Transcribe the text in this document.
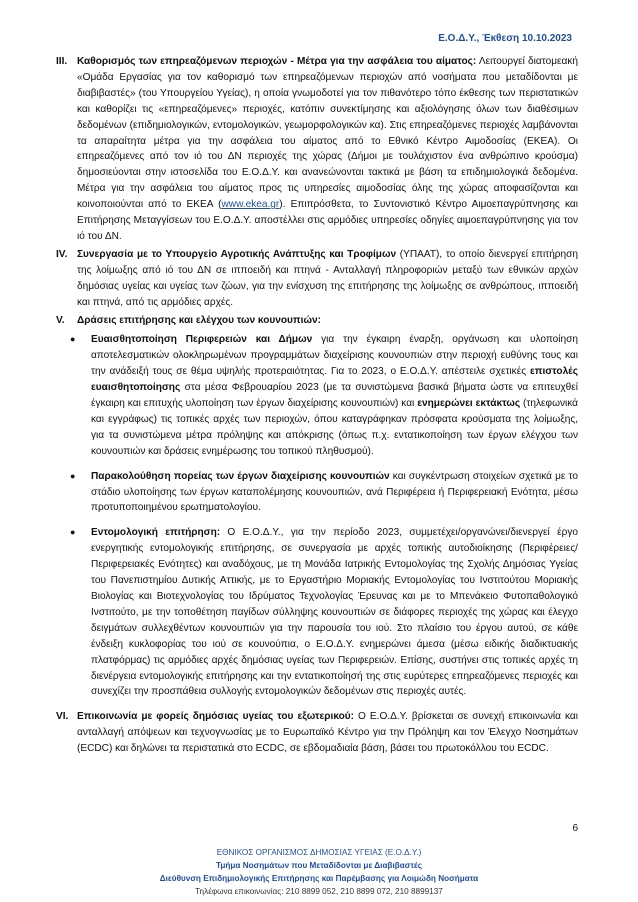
Ε.Ο.Δ.Υ., Έκθεση 10.10.2023
III. Καθορισμός των επηρεαζόμενων περιοχών - Μέτρα για την ασφάλεια του αίματος: Λειτουργεί διατομεακή «Ομάδα Εργασίας για τον καθορισμό των επηρεαζόμενων περιοχών από νοσήματα που μεταδίδονται με διαβιβαστές» (του Υπουργείου Υγείας), η οποία γνωμοδοτεί για τον πιθανότερο τόπο έκθεσης των περιστατικών και καθορίζει τις «επηρεαζόμενες» περιοχές, κατόπιν συνεκτίμησης και αξιολόγησης όλων των διαθέσιμων δεδομένων (επιδημιολογικών, εντομολογικών, γεωμορφολογικών κα). Στις επηρεαζόμενες περιοχές λαμβάνονται τα απαραίτητα μέτρα για την ασφάλεια του αίματος από το Εθνικό Κέντρο Αιμοδοσίας (ΕΚΕΑ). Οι επηρεαζόμενες από τον ιό του ΔΝ περιοχές της χώρας (Δήμοι με τουλάχιστον ένα ανθρώπινο κρούσμα) δημοσιεύονται στην ιστοσελίδα του Ε.Ο.Δ.Υ. και ανανεώνονται τακτικά με βάση τα επιδημιολογικά δεδομένα. Μέτρα για την ασφάλεια του αίματος προς τις υπηρεσίες αιμοδοσίας όλης της χώρας αποφασίζονται και κοινοποιούνται από το ΕΚΕΑ (www.ekea.gr). Επιπρόσθετα, το Συντονιστικό Κέντρο Αιμοεπαγρύπνησης και Επιτήρησης Μεταγγίσεων του Ε.Ο.Δ.Υ. αποστέλλει στις αρμόδιες υπηρεσίες οδηγίες αιμοεπαγρύπνησης για τον ιό του ΔΝ.

IV. Συνεργασία με το Υπουργείο Αγροτικής Ανάπτυξης και Τροφίμων (ΥΠΑΑΤ), το οποίο διενεργεί επιτήρηση της λοίμωξης από ιό του ΔΝ σε ιπποειδή και πτηνά - Ανταλλαγή πληροφοριών μεταξύ των εθνικών αρχών δημόσιας υγείας και υγείας των ζώων, για την ενίσχυση της επιτήρησης της λοίμωξης σε ανθρώπους, ιπποειδή και πτηνά, από τις αρμόδιες αρχές.

V. Δράσεις επιτήρησης και ελέγχου των κουνουπιών:

● Ευαισθητοποίηση Περιφερειών και Δήμων για την έγκαιρη έναρξη, οργάνωση και υλοποίηση αποτελεσματικών ολοκληρωμένων προγραμμάτων διαχείρισης κουνουπιών στην περιοχή ευθύνης τους και την ανάδειξή τους σε θέμα υψηλής προτεραιότητας. Για το 2023, ο Ε.Ο.Δ.Υ. απέστειλε σχετικές επιστολές ευαισθητοποίησης στα μέσα Φεβρουαρίου 2023 (με τα συνιστώμενα βασικά βήματα ώστε να επιτευχθεί έγκαιρη και επιτυχής υλοποίηση των έργων διαχείρισης κουνουπιών) και ενημερώνει εκτάκτως (τηλεφωνικά και εγγράφως) τις τοπικές αρχές των περιοχών, όπου καταγράφηκαν πρόσφατα κρούσματα της λοίμωξης, για τα συνιστώμενα μέτρα πρόληψης και απόκρισης (όπως π.χ. εντατικοποίηση των έργων ελέγχου των κουνουπιών και δράσεις ενημέρωσης του τοπικού πληθυσμού).
● Παρακολούθηση πορείας των έργων διαχείρισης κουνουπιών και συγκέντρωση στοιχείων σχετικά με το στάδιο υλοποίησης των έργων καταπολέμησης κουνουπιών, ανά Περιφέρεια ή Περιφερειακή Ενότητα, μέσω προτυποποιημένου ερωτηματολογίου.
● Εντομολογική επιτήρηση: Ο Ε.Ο.Δ.Υ., για την περίοδο 2023, συμμετέχει/οργανώνει/διενεργεί έργο ενεργητικής εντομολογικής επιτήρησης, σε συνεργασία με αρχές τοπικής αυτοδιοίκησης (Περιφέρειες/ Περιφερειακές Ενότητες) και αναδόχους, με τη Μονάδα Ιατρικής Εντομολογίας της Σχολής Δημόσιας Υγείας του Πανεπιστημίου Δυτικής Αττικής, με το Εργαστήριο Μοριακής Εντομολογίας του Ινστιτούτου Μοριακής Βιολογίας και Βιοτεχνολογίας του Ιδρύματος Τεχνολογίας Έρευνας και με το Μπενάκειο Φυτοπαθολογικό Ινστιτούτο, με την τοποθέτηση παγίδων σύλληψης κουνουπιών σε διάφορες περιοχές της χώρας και έλεγχο δειγμάτων συλλεχθέντων κουνουπιών για την παρουσία του ιού. Στο πλαίσιο του έργου αυτού, σε κάθε ένδειξη κυκλοφορίας του ιού σε κουνούπια, ο Ε.Ο.Δ.Υ. ενημερώνει άμεσα (μέσω ειδικής διαδικτυακής πλατφόρμας) τις αρμόδιες αρχές δημόσιας υγείας των Περιφερειών. Επίσης, συστήνει στις τοπικές αρχές τη διενέργεια εντομολογικής επιτήρησης και την εντατικοποίησή της στις ευρύτερες επηρεαζόμενες περιοχές και συνεχίζει την προσπάθεια συλλογής εντομολογικών δεδομένων στις περιοχές αυτές.
VI. Επικοινωνία με φορείς δημόσιας υγείας του εξωτερικού: Ο Ε.Ο.Δ.Υ. βρίσκεται σε συνεχή επικοινωνία και ανταλλαγή απόψεων και τεχνογνωσίας με το Ευρωπαϊκό Κέντρο για την Πρόληψη και τον Έλεγχο Νοσημάτων (ECDC) και δηλώνει τα περιστατικά στο ECDC, σε εβδομαδιαία βάση, βάσει του πρωτοκόλλου του ECDC.

6
ΕΘΝΙΚΟΣ ΟΡΓΑΝΙΣΜΟΣ ΔΗΜΟΣΙΑΣ ΥΓΕΙΑΣ (Ε.Ο.Δ.Υ.)
Τμήμα Νοσημάτων που Μεταδίδονται με Διαβιβαστές
Διεύθυνση Επιδημιολογικής Επιτήρησης και Παρέμβασης για Λοιμώδη Νοσήματα
Τηλέφωνα επικοινωνίας: 210 8899 052, 210 8899 072, 210 8899137
